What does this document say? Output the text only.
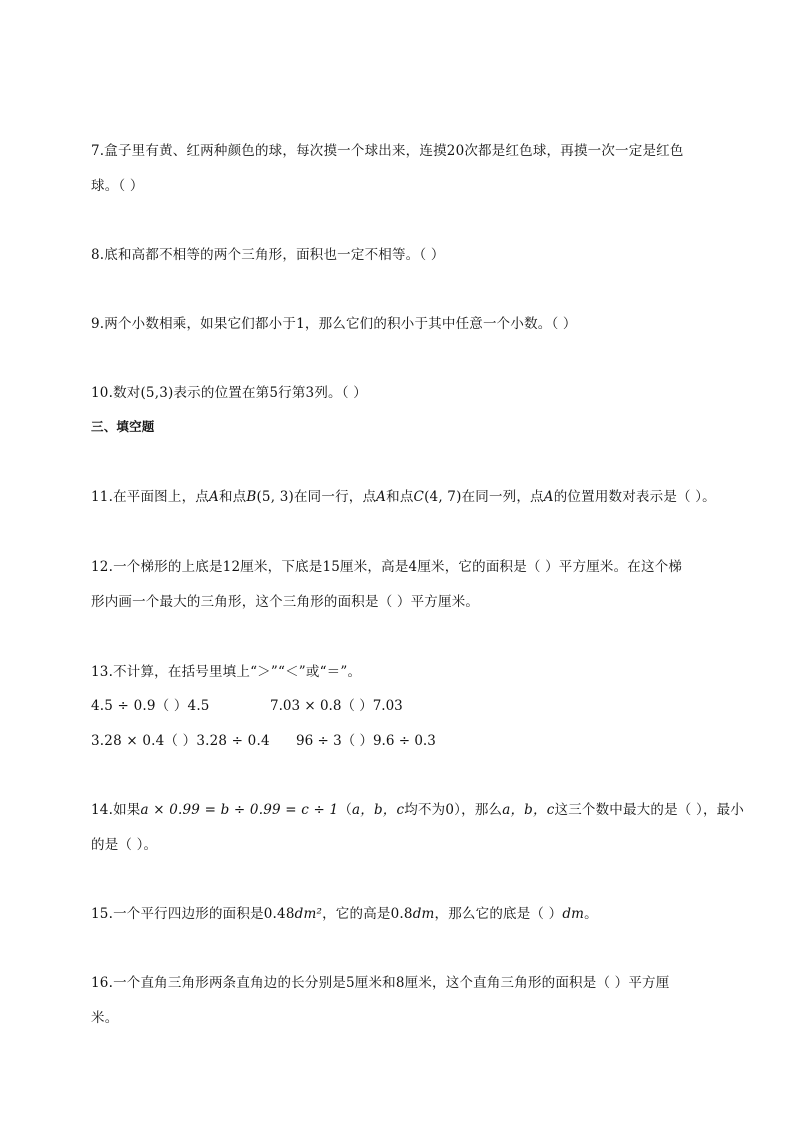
7.盒子里有黄、红两种颜色的球，每次摸一个球出来，连摸20次都是红色球，再摸一次一定是红色
球。（ ）
8.底和高都不相等的两个三角形，面积也一定不相等。（ ）
9.两个小数相乘，如果它们都小于1，那么它们的积小于其中任意一个小数。（ ）
10.数对(5,3)表示的位置在第5行第3列。（ ）
三、填空题
11.在平面图上，点A和点B(5, 3)在同一行，点A和点C(4, 7)在同一列，点A的位置用数对表示是（ ）。
12.一个梯形的上底是12厘米，下底是15厘米，高是4厘米，它的面积是（ ）平方厘米。在这个梯
形内画一个最大的三角形，这个三角形的面积是（ ）平方厘米。
13.不计算，在括号里填上“＞”“＜”或“＝”。
4.5 ÷ 0.9（ ）4.5	7.03 × 0.8（ ）7.03
3.28 × 0.4（ ）3.28 ÷ 0.4 96 ÷ 3（ ）9.6 ÷ 0.3
14.如果a × 0.99 = b ÷ 0.99 = c ÷ 1（a，b，c均不为0），那么a，b，c这三个数中最大的是（ ），最小
的是（ ）。
15.一个平行四边形的面积是0.48dm²，它的高是0.8dm，那么它的底是（ ）dm。
16.一个直角三角形两条直角边的长分别是5厘米和8厘米，这个直角三角形的面积是（ ）平方厘
米。
